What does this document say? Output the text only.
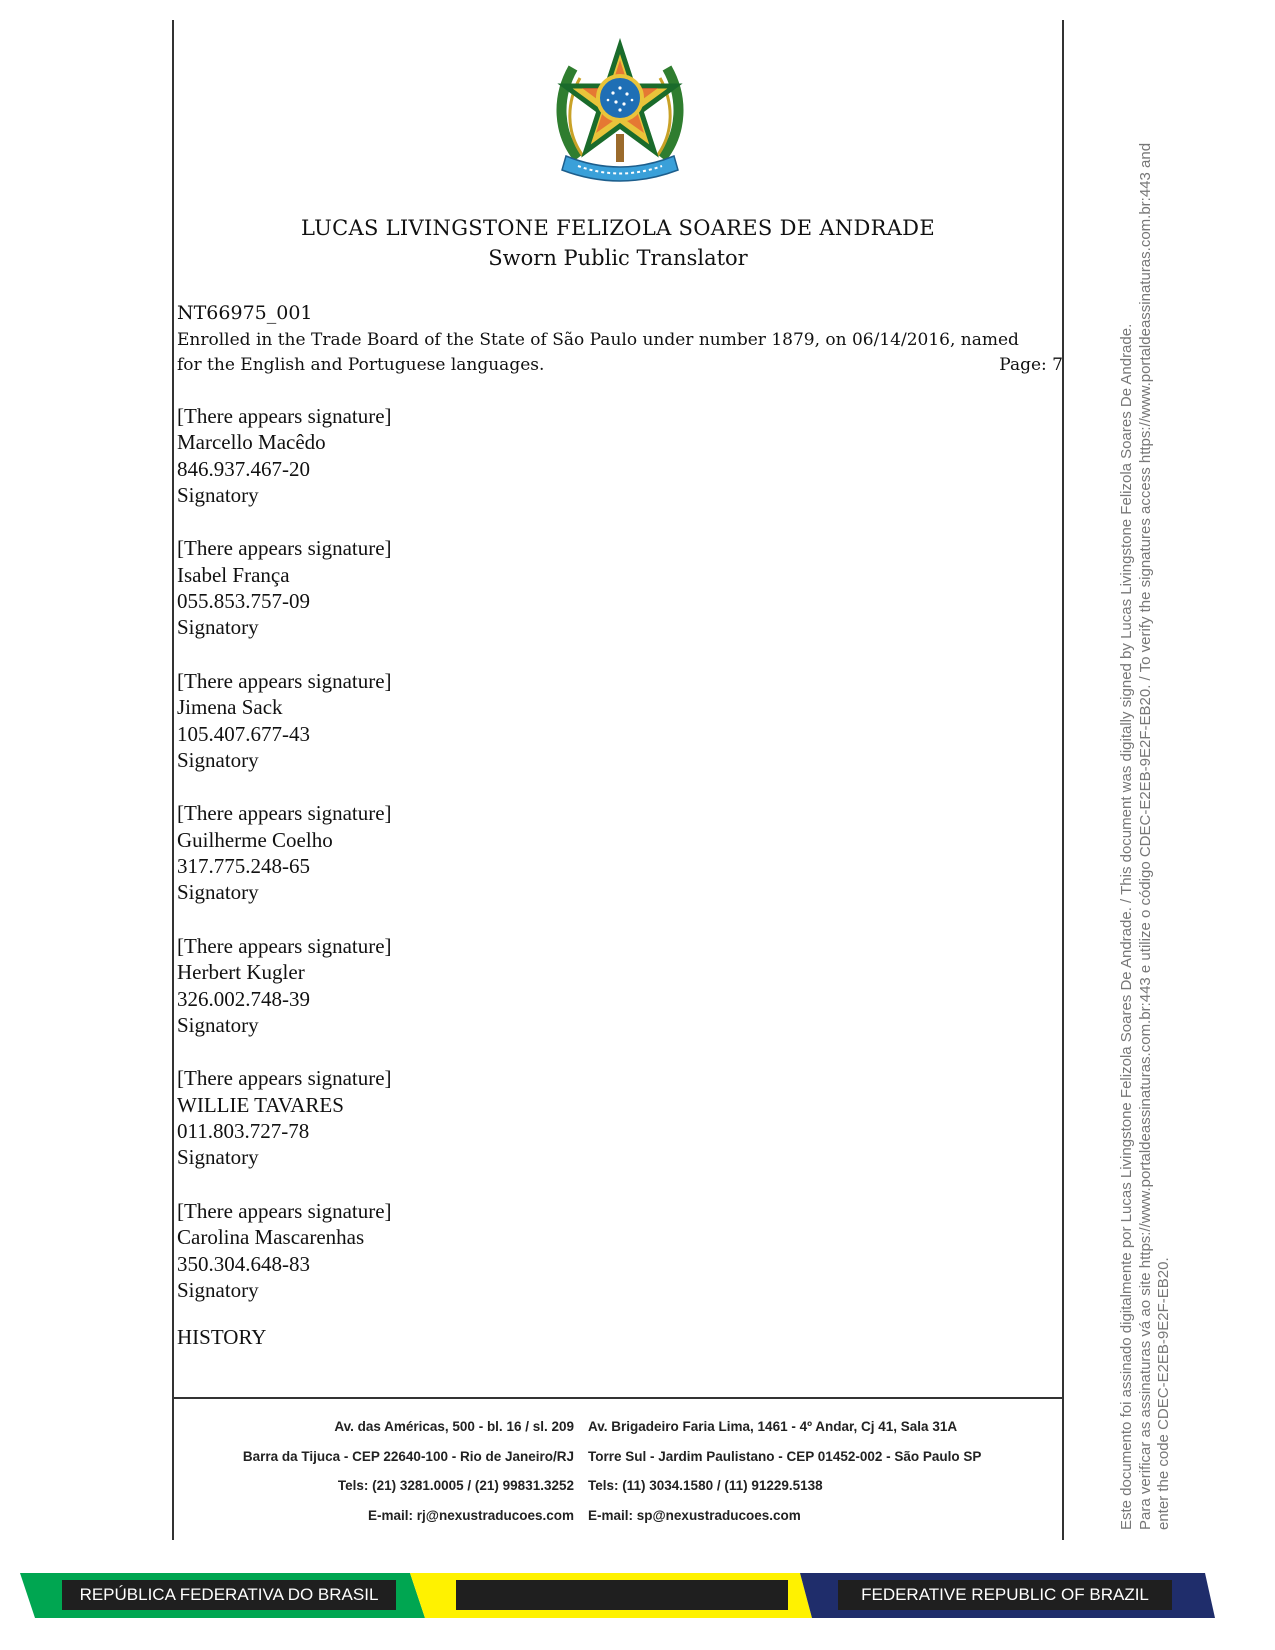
LUCAS LIVINGSTONE FELIZOLA SOARES DE ANDRADE
Sworn Public Translator
NT66975_001
Enrolled in the Trade Board of the State of São Paulo under number 1879, on 06/14/2016, named
for the English and Portuguese languages.	Page: 7
[There appears signature]
Marcello Macêdo
846.937.467-20
Signatory
[There appears signature]
Isabel França
055.853.757-09
Signatory
[There appears signature]
Jimena Sack
105.407.677-43
Signatory
[There appears signature]
Guilherme Coelho
317.775.248-65
Signatory
[There appears signature]
Herbert Kugler
326.002.748-39
Signatory
[There appears signature]
WILLIE TAVARES
011.803.727-78
Signatory
[There appears signature]
Carolina Mascarenhas
350.304.648-83
Signatory
HISTORY
Av. das Américas, 500 - bl. 16 / sl. 209	Av. Brigadeiro Faria Lima, 1461 - 4º Andar, Cj 41, Sala 31A
Barra da Tijuca - CEP 22640-100 - Rio de Janeiro/RJ	Torre Sul - Jardim Paulistano - CEP 01452-002 - São Paulo SP
Tels: (21) 3281.0005 / (21) 99831.3252	Tels: (11) 3034.1580 / (11) 91229.5138
E-mail: rj@nexustraducoes.com	E-mail: sp@nexustraducoes.com	Este documento foi assinado digitalmente por Lucas Livingstone Felizola Soares De Andrade. / This document was digitally signed by Lucas Livingstone Felizola Soares De Andrade. Para verificar as assinaturas vá ao site https://www.portaldeassinaturas.com.br:443 e utilize o código CDEC-E2EB-9E2F-EB20. / To verify the signatures access https://www.portaldeassinaturas.com.br:443 and enter the code CDEC-E2EB-9E2F-EB20.
REPÚBLICA FEDERATIVA DO BRASIL	FEDERATIVE REPUBLIC OF BRAZIL
